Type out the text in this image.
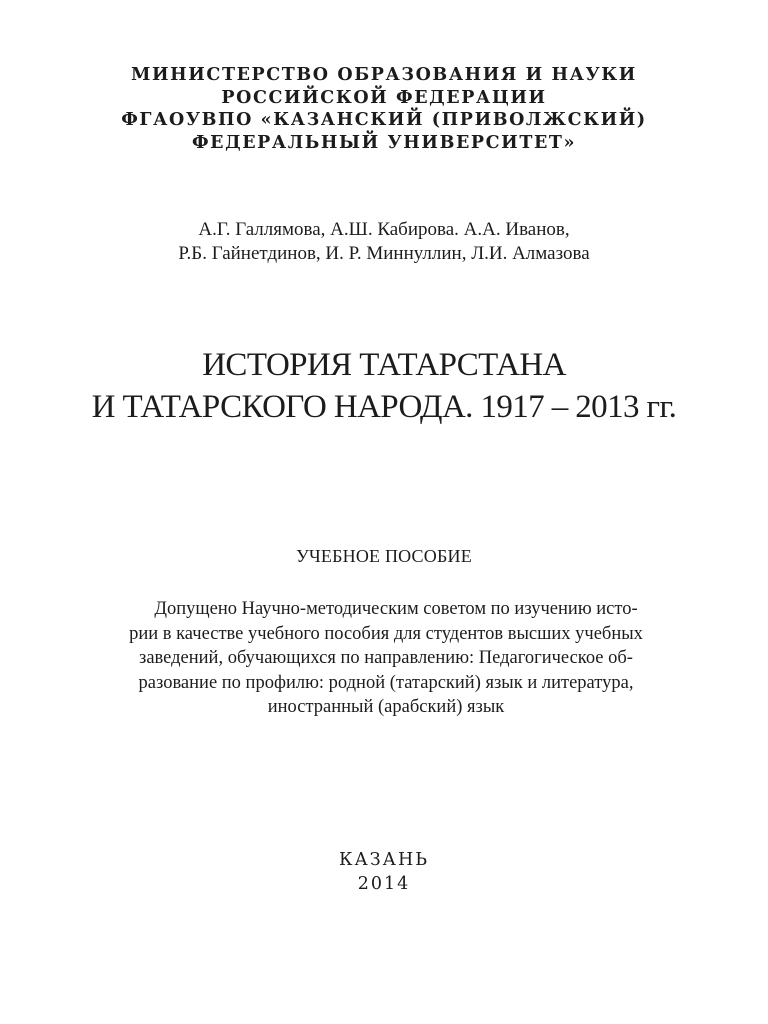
МИНИСТЕРСТВО ОБРАЗОВАНИЯ И НАУКИ
РОССИЙСКОЙ ФЕДЕРАЦИИ
ФГАОУВПО «КАЗАНСКИЙ (ПРИВОЛЖСКИЙ)
ФЕДЕРАЛЬНЫЙ УНИВЕРСИТЕТ»
А.Г. Галлямова, А.Ш. Кабирова. А.А. Иванов,
Р.Б. Гайнетдинов, И. Р. Миннуллин, Л.И. Алмазова
ИСТОРИЯ ТАТАРСТАНА
И ТАТАРСКОГО НАРОДА. 1917 – 2013 гг.
УЧЕБНОЕ ПОСОБИЕ
Допущено Научно-методическим советом по изучению исто-
рии в качестве учебного пособия для студентов высших учебных
заведений, обучающихся по направлению: Педагогическое об-
разование по профилю: родной (татарский) язык и литература,
иностранный (арабский) язык
КАЗАНЬ
2014
